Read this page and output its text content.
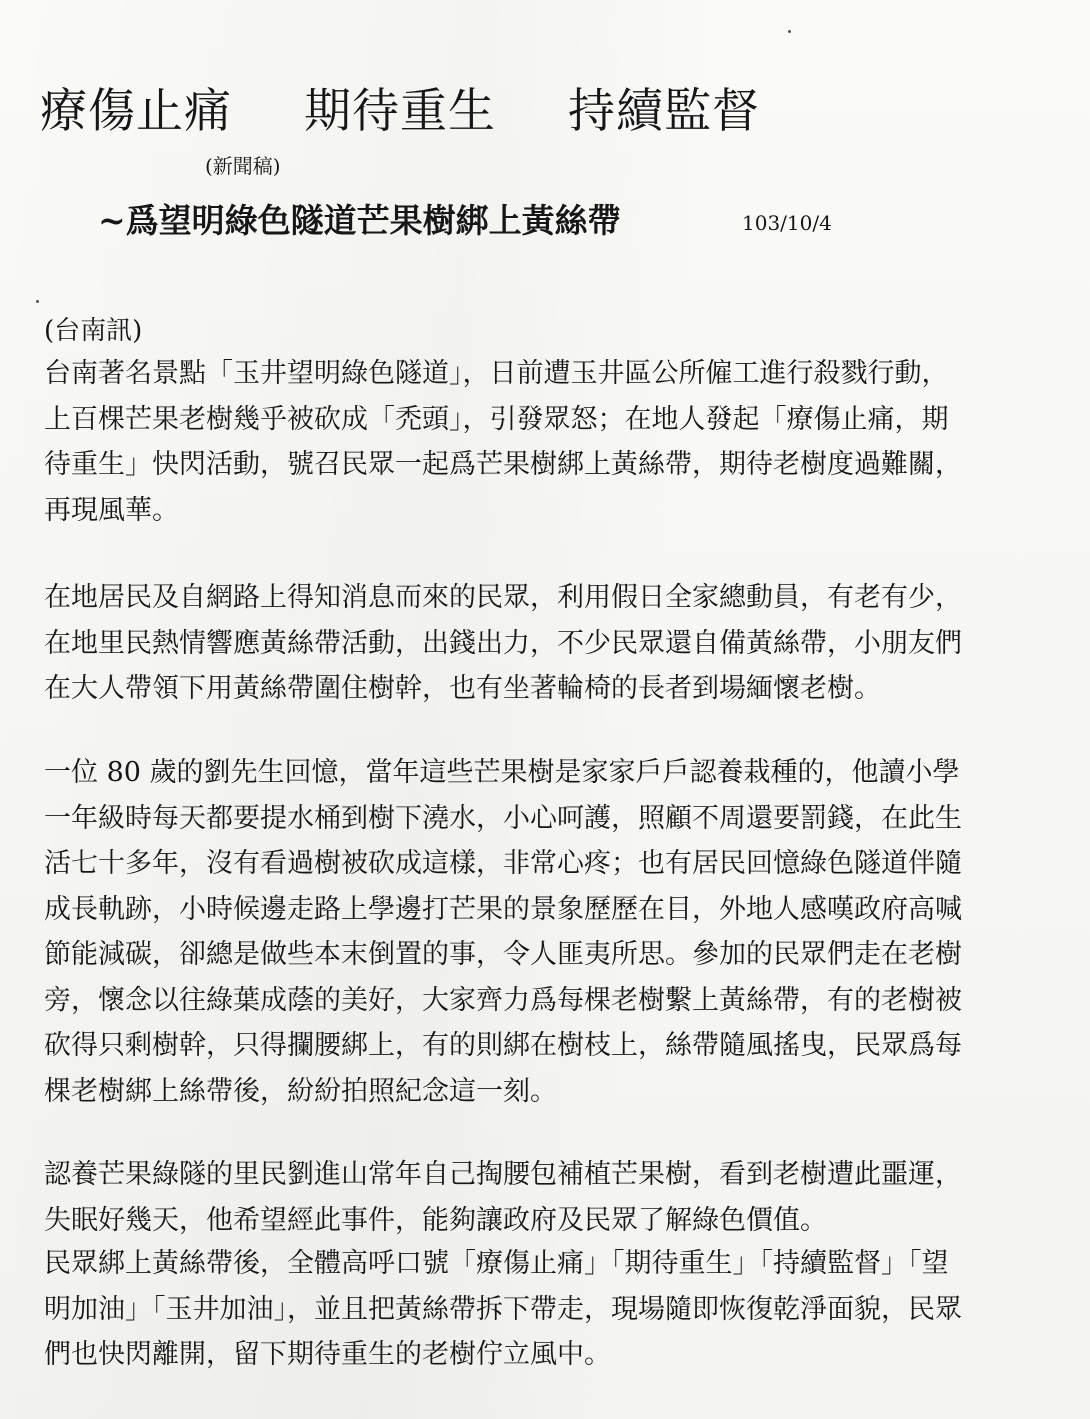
療傷止痛 期待重生 持續監督
(新聞稿)
~爲望明綠色隧道芒果樹綁上黃絲帶	103/10/4
(台南訊)

台南著名景點「玉井望明綠色隧道」，日前遭玉井區公所僱工進行殺戮行動，
上百棵芒果老樹幾乎被砍成「禿頭」，引發眾怒；在地人發起「療傷止痛，期
待重生」快閃活動，號召民眾一起爲芒果樹綁上黃絲帶，期待老樹度過難關，
再現風華。

在地居民及自網路上得知消息而來的民眾，利用假日全家總動員，有老有少，
在地里民熱情響應黃絲帶活動，出錢出力，不少民眾還自備黃絲帶，小朋友們
在大人帶領下用黃絲帶圍住樹幹，也有坐著輪椅的長者到場緬懷老樹。

一位 80 歲的劉先生回憶，當年這些芒果樹是家家戶戶認養栽種的，他讀小學
一年級時每天都要提水桶到樹下澆水，小心呵護，照顧不周還要罰錢，在此生
活七十多年，沒有看過樹被砍成這樣，非常心疼；也有居民回憶綠色隧道伴隨
成長軌跡，小時候邊走路上學邊打芒果的景象歷歷在目，外地人感嘆政府高喊
節能減碳，卻總是做些本末倒置的事，令人匪夷所思。參加的民眾們走在老樹
旁，懷念以往綠葉成蔭的美好，大家齊力爲每棵老樹繫上黃絲帶，有的老樹被
砍得只剩樹幹，只得攔腰綁上，有的則綁在樹枝上，絲帶隨風搖曳，民眾爲每
棵老樹綁上絲帶後，紛紛拍照紀念這一刻。

認養芒果綠隧的里民劉進山常年自己掏腰包補植芒果樹，看到老樹遭此噩運，
失眠好幾天，他希望經此事件，能夠讓政府及民眾了解綠色價值。

民眾綁上黃絲帶後，全體高呼口號「療傷止痛」「期待重生」「持續監督」「望
明加油」「玉井加油」，並且把黃絲帶拆下帶走，現場隨即恢復乾淨面貌，民眾
們也快閃離開，留下期待重生的老樹佇立風中。
